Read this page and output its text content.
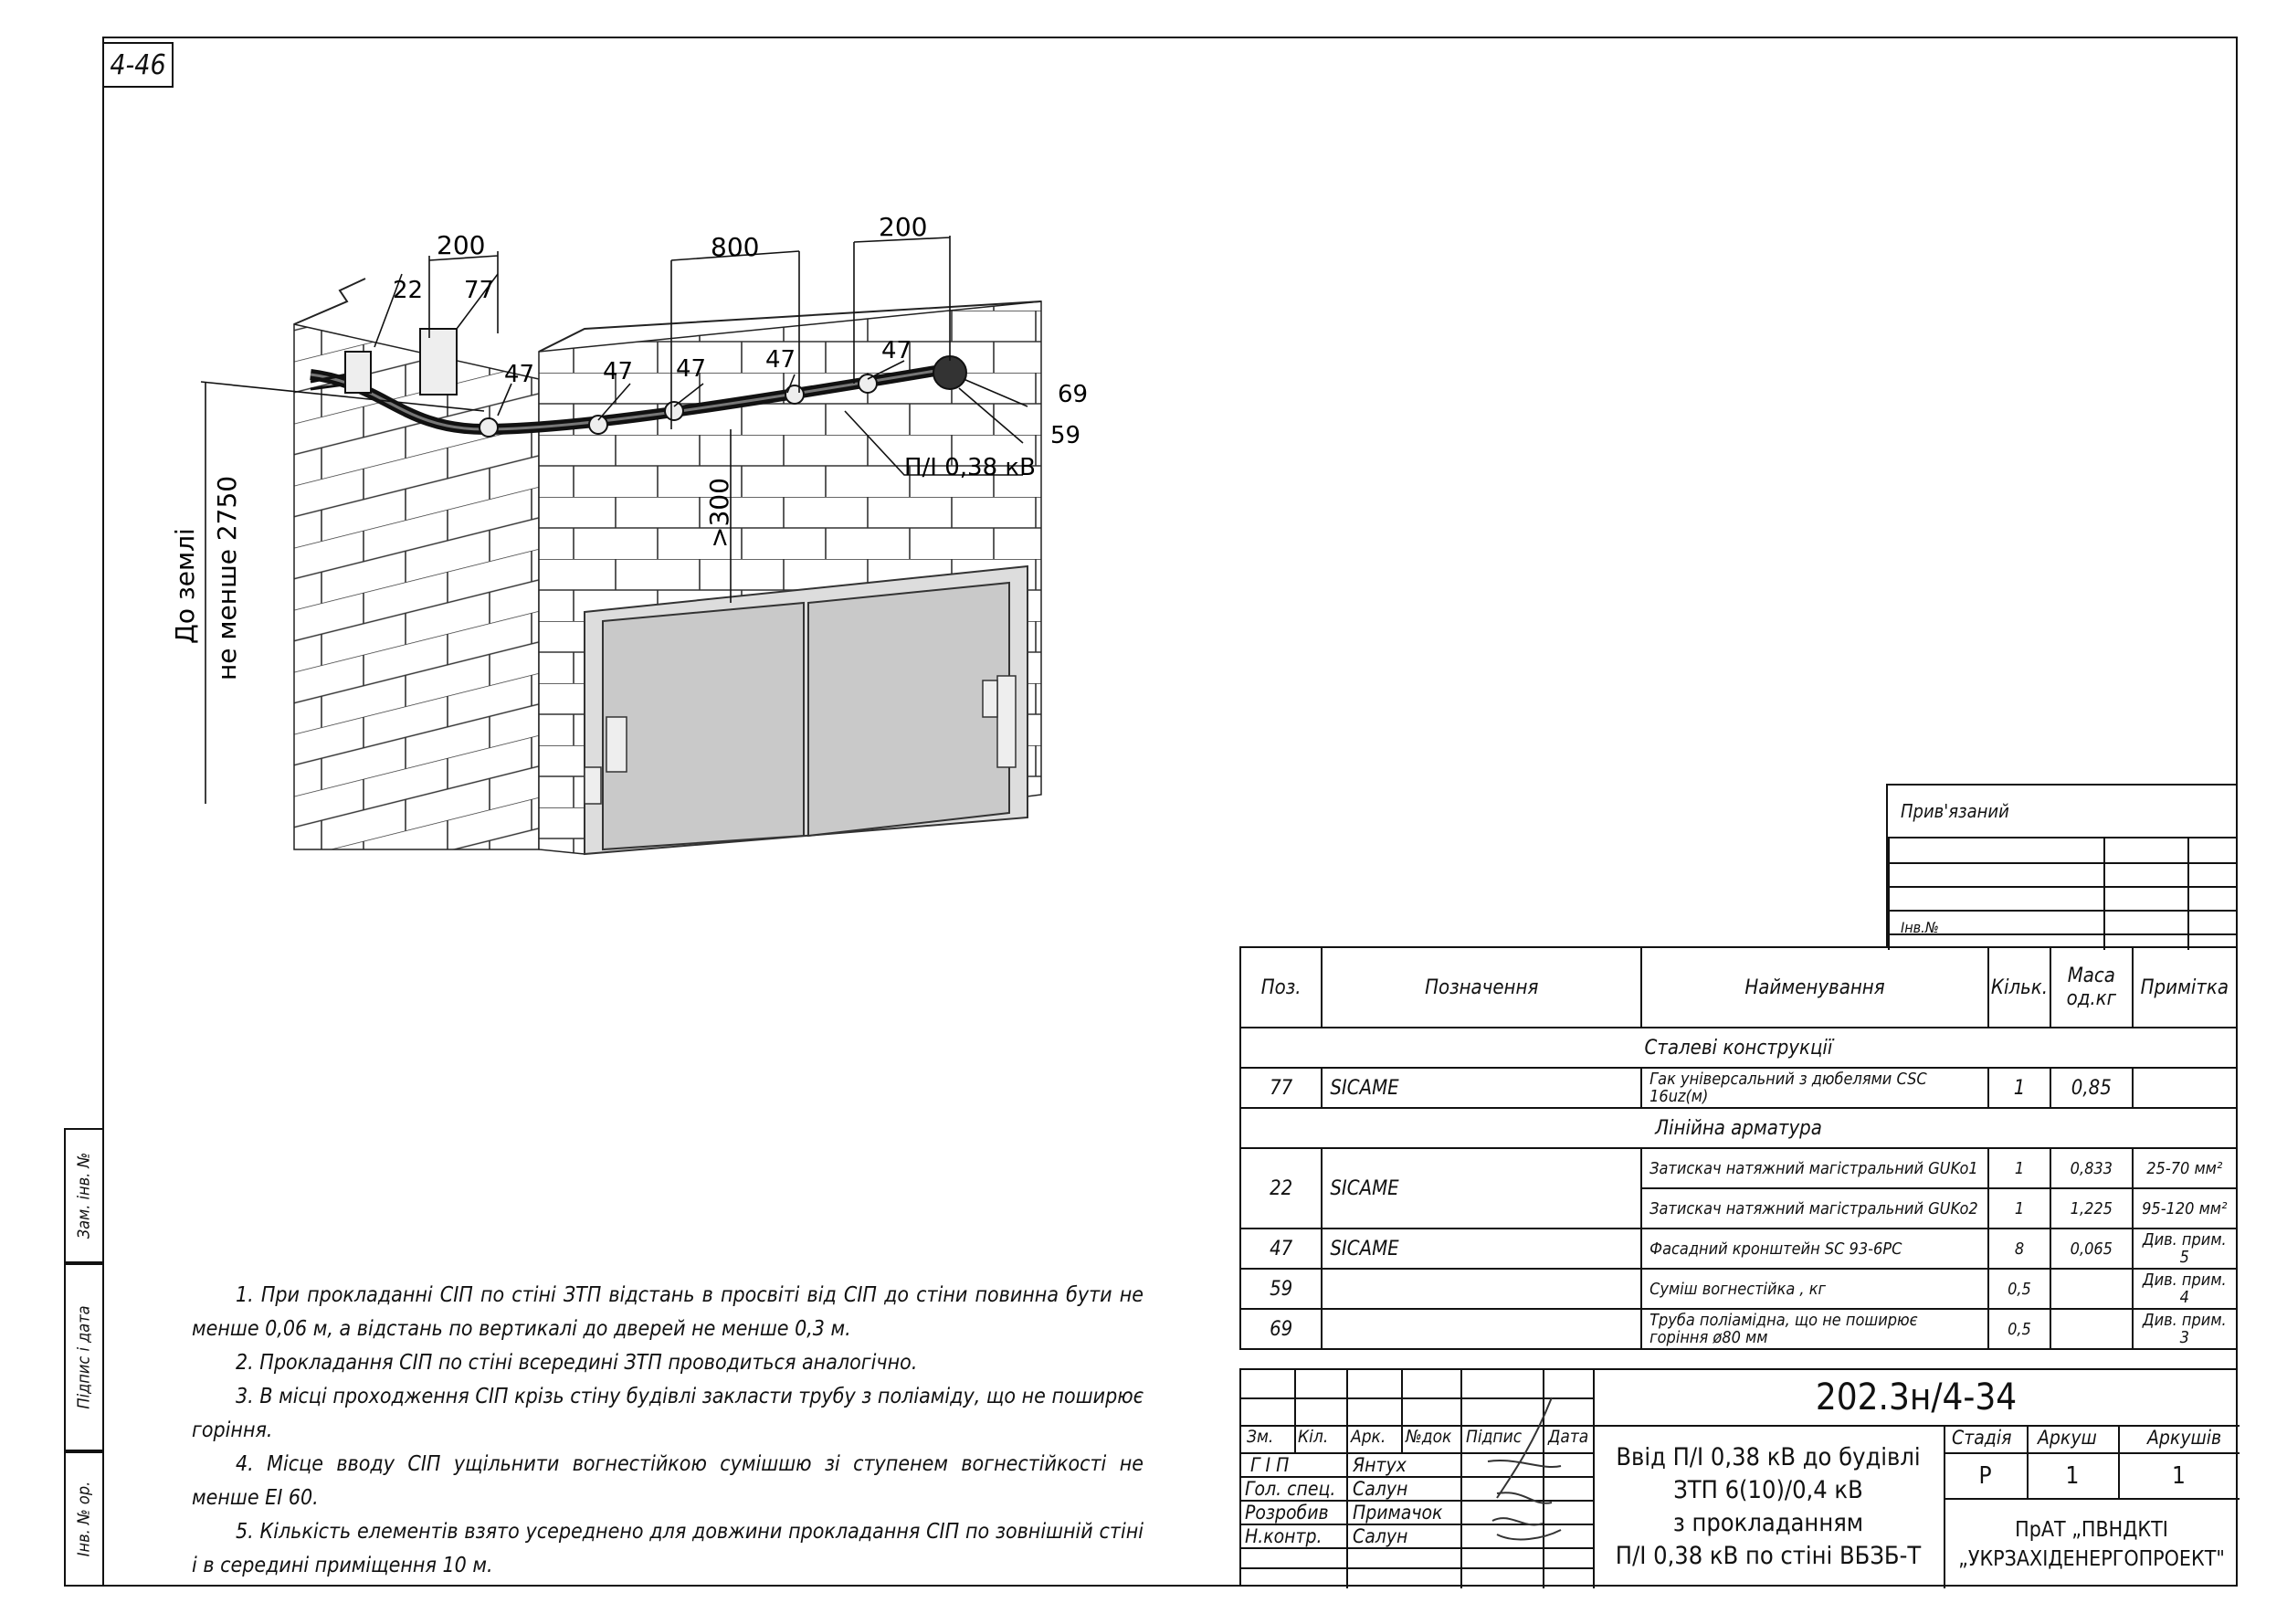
4-46
Зам. інв. №
Підпис і дата
Інв. № ор.
200	800
200
>300
22 77
47	47 47 47	47
69
59
П/І 0,38 кВ
До землі не менше 2750
Прив'язаний
Інв.№
Поз.	Позначення	Найменування	Кільк.	Маса од.кг	Примітка
Сталеві конструкції					
77	SICAME	Гак універсальний з дюбелями CSC 16uz(м)	1	0,85	
Лінійна арматура					
22	SICAME	Затискач натяжний магістральний GUKo1	1	0,833	25-70 мм²
		Затискач натяжний магістральний GUKo2	1	1,225	95-120 мм²
47	SICAME	Фасадний кронштейн SC 93-6PC	8	0,065	Див. прим. 5
59		Суміш вогнестійка , кг	0,5		Див. прим. 4
69		Труба поліамідна, що не поширює горіння ø80 мм	0,5		Див. прим. 3

1. При прокладанні СІП по стіні ЗТП відстань в просвіті від СІП до стіни повинна бути не менше 0,06 м, а відстань по вертикалі до дверей не менше 0,3 м.

2. Прокладання СІП по стіні всередині ЗТП проводиться аналогічно.

3. В місці проходження СІП крізь стіну будівлі закласти трубу з поліаміду, що не поширює горіння.

4. Місце вводу СІП ущільнити вогнестійкою сумішшю зі ступенем вогнестійкості не менше EI 60.

5. Кількість елементів взято усереднено для довжини прокладання СІП по зовнішній стіні і в середині приміщення 10 м.

Зм. Кіл. Арк. №док Підпис Дата
Г І П	Янтух
Гол. спец. Салун
Розробив Примачок
Н.контр. Салун
202.3н/4-34
Ввід П/І 0,38 кВ до будівлі
ЗТП 6(10)/0,4 кВ
з прокладанням
П/І 0,38 кВ по стіні ВБЗБ-Т
Стадія Аркуш	Аркушів
Р	1	1
ПрАТ „ПВНДКТІ
„УКРЗАХІДЕНЕРГОПРОЕКТ"
